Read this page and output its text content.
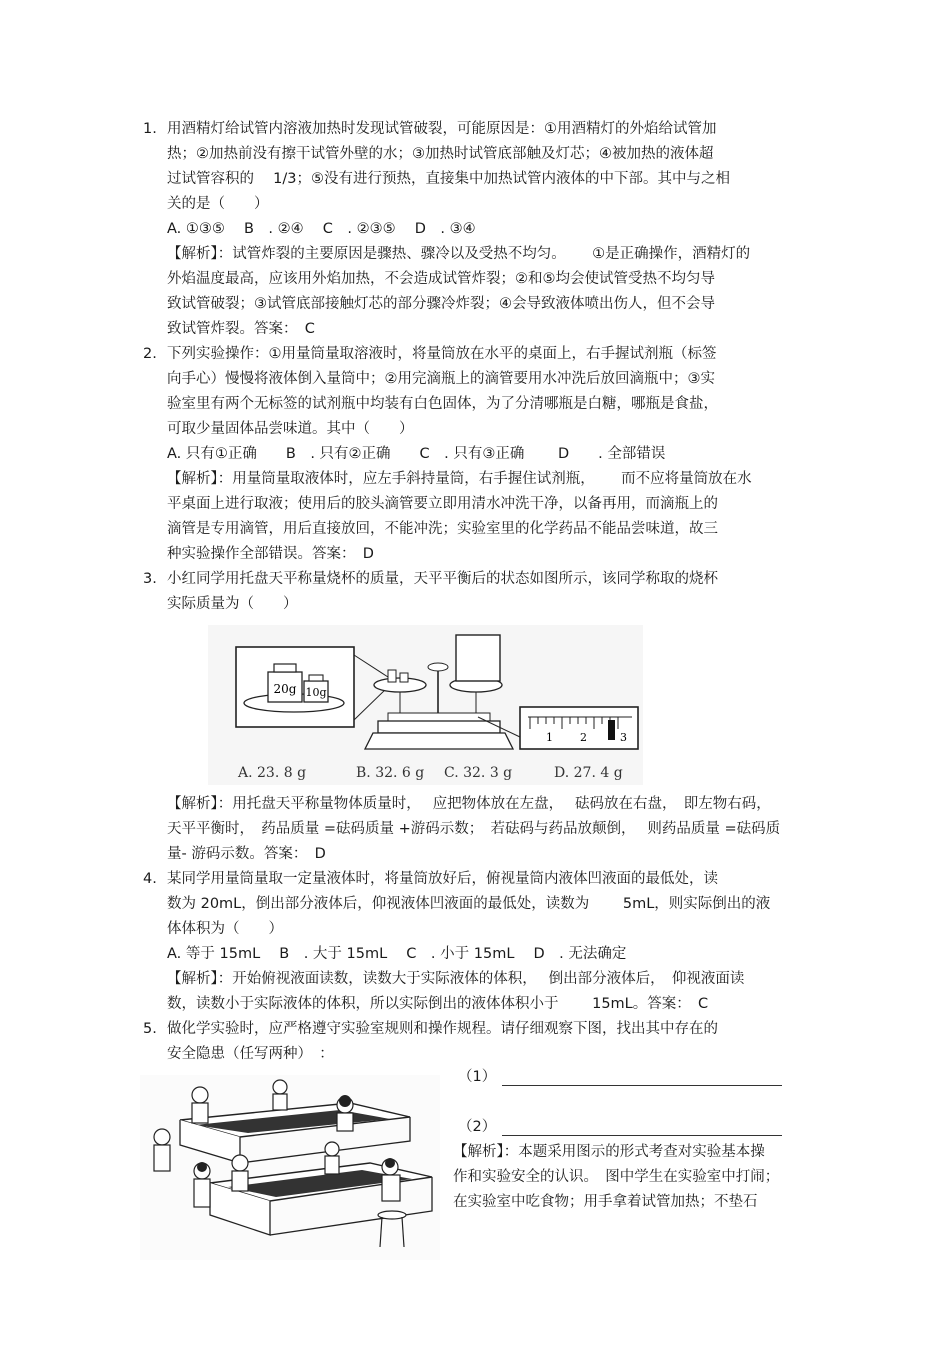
1. 用酒精灯给试管内溶液加热时发现试管破裂，可能原因是：①用酒精灯的外焰给试管加
热；②加热前没有擦干试管外壁的水；③加热时试管底部触及灯芯；④被加热的液体超
过试管容积的　 1/3；⑤没有进行预热，直接集中加热试管内液体的中下部。其中与之相
关的是（　　）
A. ①③⑤　 B　. ②④　 C　. ②③⑤　 D　. ③④
【解析】：试管炸裂的主要原因是骤热、骤冷以及受热不均匀。　　 ①是正确操作，酒精灯的
外焰温度最高，应该用外焰加热，不会造成试管炸裂；②和⑤均会使试管受热不均匀导
致试管破裂；③试管底部接触灯芯的部分骤冷炸裂；④会导致液体喷出伤人，但不会导
致试管炸裂。答案：　C
2. 下列实验操作：①用量筒量取溶液时，将量筒放在水平的桌面上，右手握试剂瓶（标签
向手心）慢慢将液体倒入量筒中；②用完滴瓶上的滴管要用水冲洗后放回滴瓶中；③实
验室里有两个无标签的试剂瓶中均装有白色固体，为了分清哪瓶是白糖，哪瓶是食盐，
可取少量固体品尝味道。其中（　　）
A. 只有①正确　　B　. 只有②正确　　C　. 只有③正确　　 D　　. 全部错误
【解析】：用量筒量取液体时，应左手斜持量筒，右手握住试剂瓶，　　 而不应将量筒放在水
平桌面上进行取液；使用后的胶头滴管要立即用清水冲洗干净，以备再用，而滴瓶上的
滴管是专用滴管，用后直接放回，不能冲洗；实验室里的化学药品不能品尝味道，故三
种实验操作全部错误。答案：　D
3. 小红同学用托盘天平称量烧杯的质量，天平平衡后的状态如图所示，该同学称取的烧杯
实际质量为（　　）
20g 10g
1 2	3
A. 23. 8 g	B. 32. 6 g C. 32. 3 g	D. 27. 4 g
【解析】：用托盘天平称量物体质量时，　 应把物体放在左盘，　 砝码放在右盘，　即左物右码，
天平平衡时，　药品质量 =砝码质量 +游码示数；　若砝码与药品放颠倒，　 则药品质量 =砝码质
量- 游码示数。答案：　D
4. 某同学用量筒量取一定量液体时，将量筒放好后，俯视量筒内液体凹液面的最低处，读
数为 20mL，倒出部分液体后，仰视液体凹液面的最低处，读数为　　 5mL，则实际倒出的液
体体积为（　　）
A. 等于 15mL　 B　. 大于 15mL　 C　. 小于 15mL　 D　. 无法确定
【解析】：开始俯视液面读数，读数大于实际液体的体积，　 倒出部分液体后，　仰视液面读
数，读数小于实际液体的体积，所以实际倒出的液体体积小于　　 15mL。答案：　C
5. 做化学实验时，应严格遵守实验室规则和操作规程。请仔细观察下图，找出其中存在的
安全隐患（任写两种）　：
（1）
（2）
【解析】：本题采用图示的形式考查对实验基本操
作和实验安全的认识。　图中学生在实验室中打闹；
在实验室中吃食物；用手拿着试管加热；不垫石
